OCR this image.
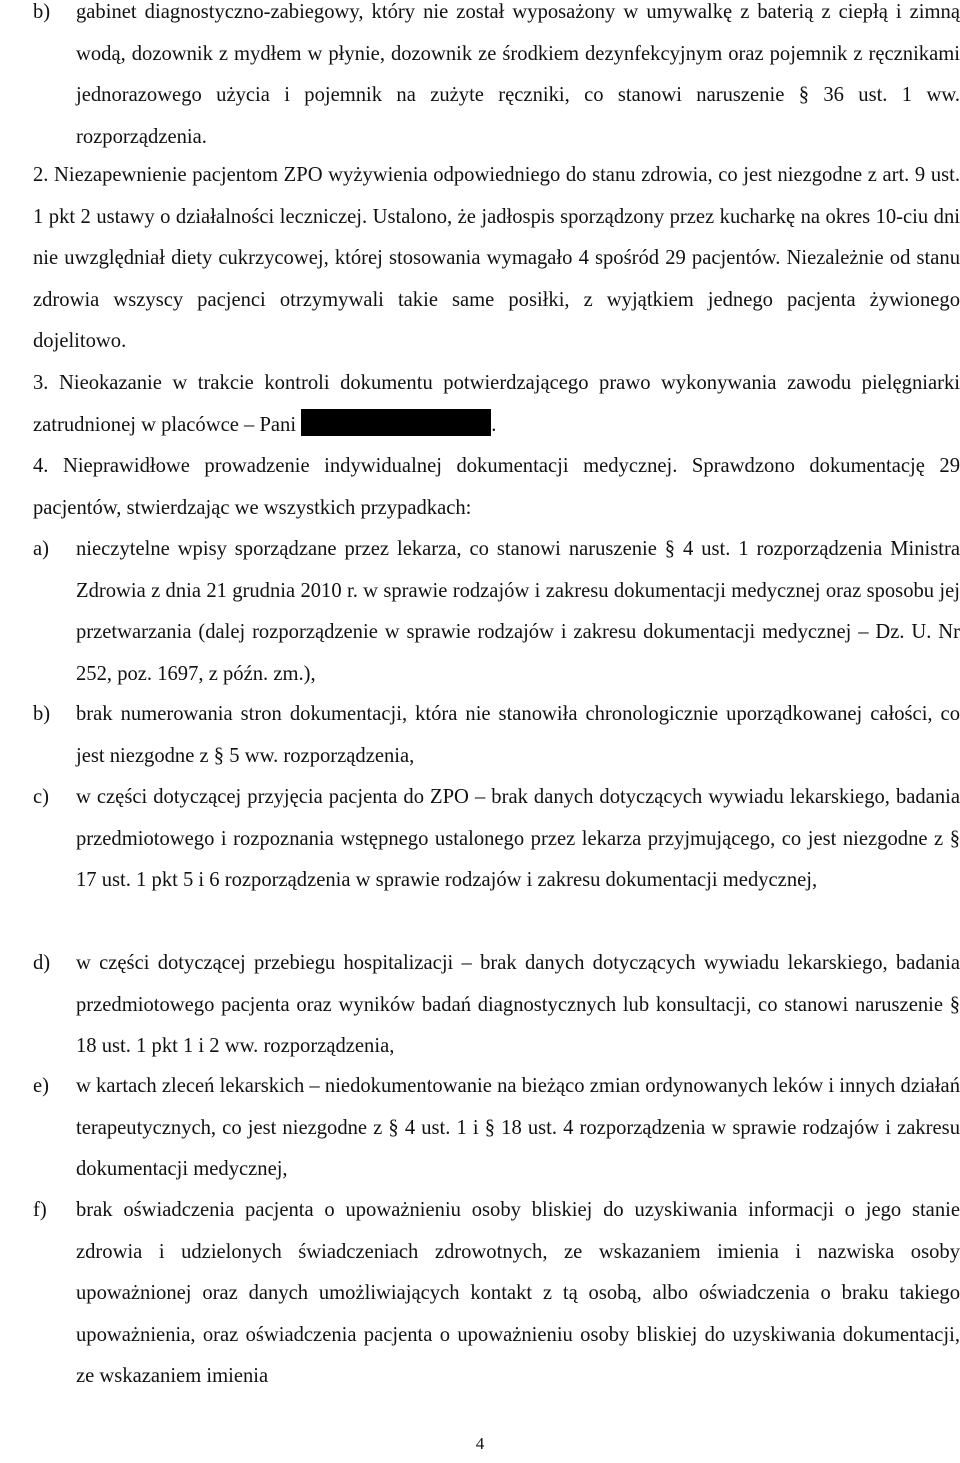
b) gabinet diagnostyczno-zabiegowy, który nie został wyposażony w umywalkę z baterią z ciepłą i zimną wodą, dozownik z mydłem w płynie, dozownik ze środkiem dezynfekcyjnym oraz pojemnik z ręcznikami jednorazowego użycia i pojemnik na zużyte ręczniki, co stanowi naruszenie § 36 ust. 1 ww. rozporządzenia.
2. Niezapewnienie pacjentom ZPO wyżywienia odpowiedniego do stanu zdrowia, co jest niezgodne z art. 9 ust. 1 pkt 2 ustawy o działalności leczniczej. Ustalono, że jadłospis sporządzony przez kucharkę na okres 10-ciu dni nie uwzględniał diety cukrzycowej, której stosowania wymagało 4 spośród 29 pacjentów. Niezależnie od stanu zdrowia wszyscy pacjenci otrzymywali takie same posiłki, z wyjątkiem jednego pacjenta żywionego dojelitowo.
3. Nieokazanie w trakcie kontroli dokumentu potwierdzającego prawo wykonywania zawodu pielęgniarki zatrudnionej w placówce – Pani	.
4. Nieprawidłowe prowadzenie indywidualnej dokumentacji medycznej. Sprawdzono dokumentację 29 pacjentów, stwierdzając we wszystkich przypadkach:
a) nieczytelne wpisy sporządzane przez lekarza, co stanowi naruszenie § 4 ust. 1 rozporządzenia Ministra Zdrowia z dnia 21 grudnia 2010 r. w sprawie rodzajów i zakresu dokumentacji medycznej oraz sposobu jej przetwarzania (dalej rozporządzenie w sprawie rodzajów i zakresu dokumentacji medycznej – Dz. U. Nr 252, poz. 1697, z późn. zm.),
b) brak numerowania stron dokumentacji, która nie stanowiła chronologicznie uporządkowanej całości, co jest niezgodne z § 5 ww. rozporządzenia,
c) w części dotyczącej przyjęcia pacjenta do ZPO – brak danych dotyczących wywiadu lekarskiego, badania przedmiotowego i rozpoznania wstępnego ustalonego przez lekarza przyjmującego, co jest niezgodne z § 17 ust. 1 pkt 5 i 6 rozporządzenia w sprawie rodzajów i zakresu dokumentacji medycznej,
d) w części dotyczącej przebiegu hospitalizacji – brak danych dotyczących wywiadu lekarskiego, badania przedmiotowego pacjenta oraz wyników badań diagnostycznych lub konsultacji, co stanowi naruszenie § 18 ust. 1 pkt 1 i 2 ww. rozporządzenia,
e) w kartach zleceń lekarskich – niedokumentowanie na bieżąco zmian ordynowanych leków i innych działań terapeutycznych, co jest niezgodne z § 4 ust. 1 i § 18 ust. 4 rozporządzenia w sprawie rodzajów i zakresu dokumentacji medycznej,
f) brak oświadczenia pacjenta o upoważnieniu osoby bliskiej do uzyskiwania informacji o jego stanie zdrowia i udzielonych świadczeniach zdrowotnych, ze wskazaniem imienia i nazwiska osoby upoważnionej oraz danych umożliwiających kontakt z tą osobą, albo oświadczenia o braku takiego upoważnienia, oraz oświadczenia pacjenta o upoważnieniu osoby bliskiej do uzyskiwania dokumentacji, ze wskazaniem imienia
4
